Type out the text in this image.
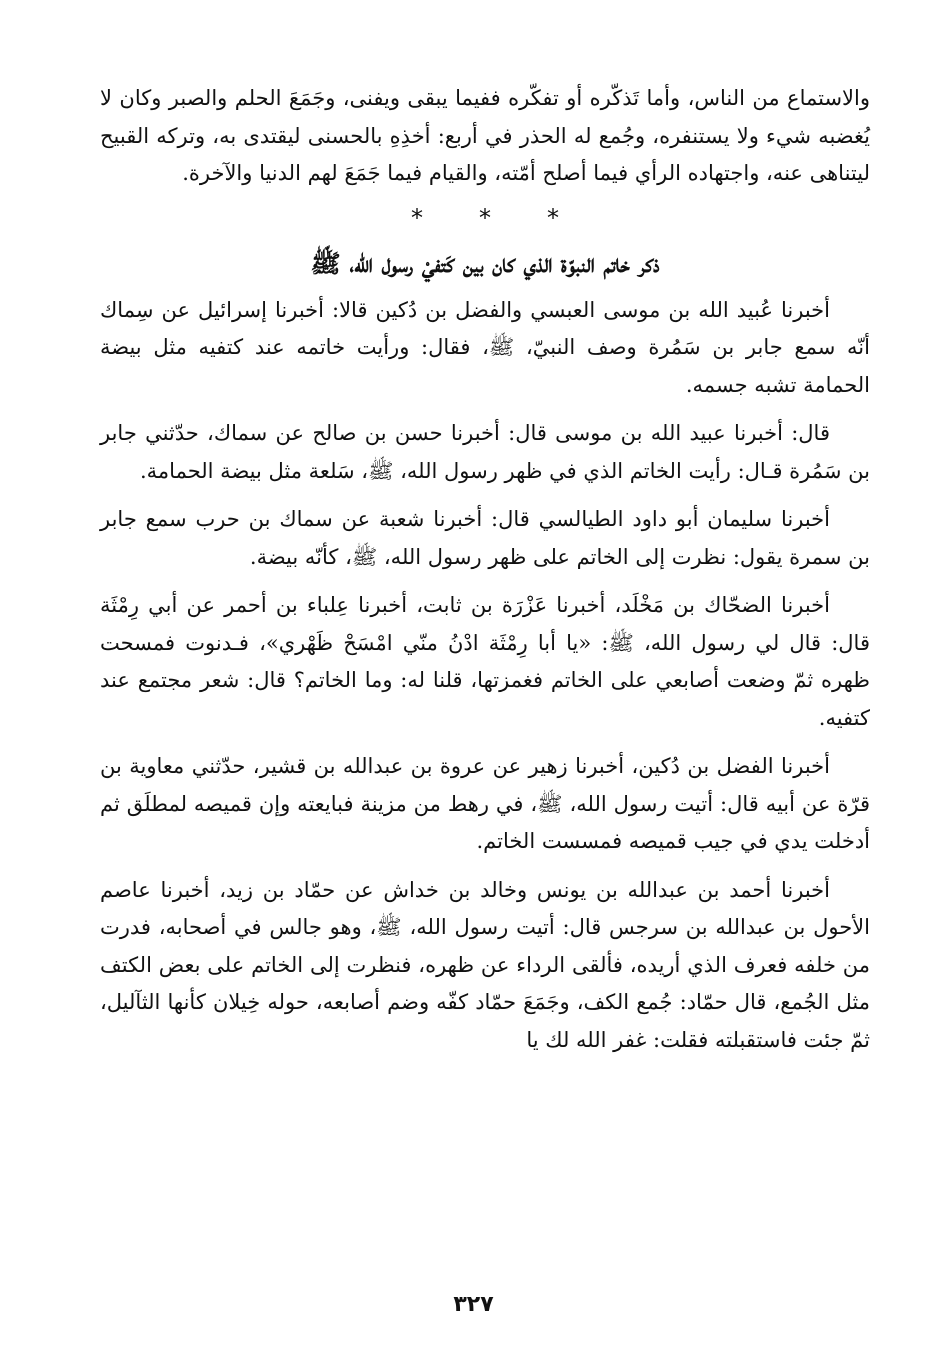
والاستماع من الناس، وأما تَذكّره أو تفكّره ففيما يبقى ويفنى، وجَمَعَ الحلم والصبر وكان لا يُغضبه شيء ولا يستنفره، وجُمع له الحذر في أربع: أخذِهِ بالحسنى ليقتدى به، وتركه القبيح ليتناهى عنه، واجتهاده الرأي فيما أصلح أمّته، والقيام فيما جَمَعَ لهم الدنيا والآخرة.

*
*
*
ذكر خاتم النبوّة الذي كان بين كَتفيْ رسول الله، ﷺ

أخبرنا عُبيد الله بن موسى العبسي والفضل بن دُكين قالا: أخبرنا إسرائيل عن سِماك أنّه سمع جابر بن سَمُرة وصف النبيّ، ﷺ، فقال: ورأيت خاتمه عند كتفيه مثل بيضة الحمامة تشبه جسمه.

قال: أخبرنا عبيد الله بن موسى قال: أخبرنا حسن بن صالح عن سماك، حدّثني جابر بن سَمُرة قـال: رأيت الخاتم الذي في ظهر رسول الله، ﷺ، سَلعة مثل بيضة الحمامة.

أخبرنا سليمان أبو داود الطيالسي قال: أخبرنا شعبة عن سماك بن حرب سمع جابر بن سمرة يقول: نظرت إلى الخاتم على ظهر رسول الله، ﷺ، كأنّه بيضة.

أخبرنا الضحّاك بن مَخْلَد، أخبرنا عَزْرَة بن ثابت، أخبرنا عِلباء بن أحمر عن أبي رِمْثَة قال: قال لي رسول الله، ﷺ: «يا أبا رِمْثَة ادْنُ منّي امْسَحْ ظَهْري»، فـدنوت فمسحت ظهره ثمّ وضعت أصابعي على الخاتم فغمزتها، قلنا له: وما الخاتم؟ قال: شعر مجتمع عند كتفيه.

أخبرنا الفضل بن دُكين، أخبرنا زهير عن عروة بن عبدالله بن قشير، حدّثني معاوية بن قرّة عن أبيه قال: أتيت رسول الله، ﷺ، في رهط من مزينة فبايعته وإن قميصه لمطلَق ثم أدخلت يدي في جيب قميصه فمسست الخاتم.

أخبرنا أحمد بن عبدالله بن يونس وخالد بن خداش عن حمّاد بن زيد، أخبرنا عاصم الأحول بن عبدالله بن سرجس قال: أتيت رسول الله، ﷺ، وهو جالس في أصحابه، فدرت من خلفه فعرف الذي أريده، فألقى الرداء عن ظهره، فنظرت إلى الخاتم على بعض الكتف مثل الجُمع، قال حمّاد: جُمع الكف، وجَمَعَ حمّاد كفّه وضم أصابعه، حوله خِيلان كأنها الثآليل، ثمّ جئت فاستقبلته فقلت: غفر الله لك يا

٣٢٧
